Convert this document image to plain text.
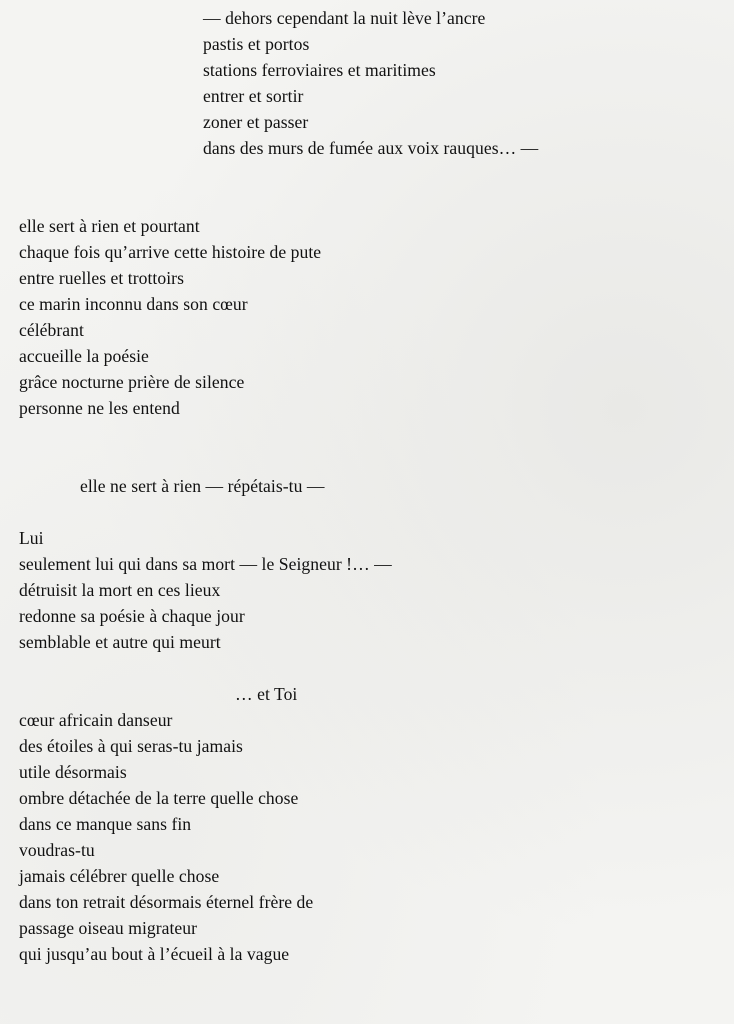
— dehors cependant la nuit lève l’ancre
pastis et portos
stations ferroviaires et maritimes
entrer et sortir
zoner et passer
dans des murs de fumée aux voix rauques… —
elle sert à rien et pourtant
chaque fois qu’arrive cette histoire de pute
entre ruelles et trottoirs
ce marin inconnu dans son cœur
célébrant
accueille la poésie
grâce nocturne prière de silence
personne ne les entend
elle ne sert à rien — répétais-tu —
Lui
seulement lui qui dans sa mort — le Seigneur !… —
détruisit la mort en ces lieux
redonne sa poésie à chaque jour
semblable et autre qui meurt
… et Toi
cœur africain danseur
des étoiles à qui seras-tu jamais
utile désormais
ombre détachée de la terre quelle chose
dans ce manque sans fin
voudras-tu
jamais célébrer quelle chose
dans ton retrait désormais éternel frère de
passage oiseau migrateur
qui jusqu’au bout à l’écueil à la vague
